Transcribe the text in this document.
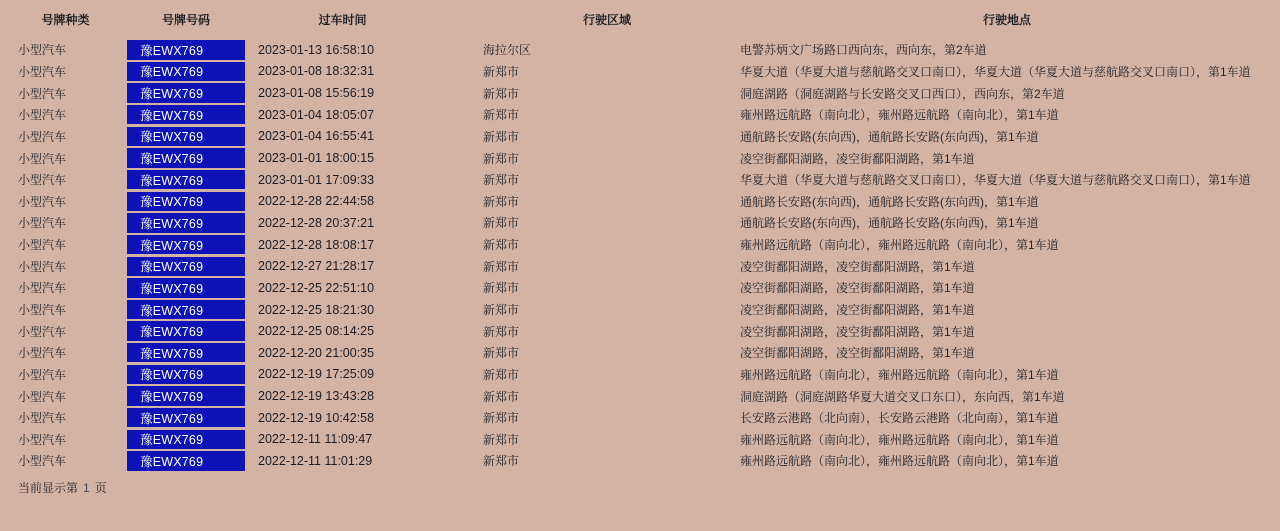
号牌种类	号牌号码	过车时间	行驶区域	行驶地点
小型汽车	豫EWX769	2023-01-13 16:58:10	海拉尔区	电警苏炳文广场路口西向东，西向东，第2车道
小型汽车	豫EWX769	2023-01-08 18:32:31	新郑市	华夏大道（华夏大道与慈航路交叉口南口），华夏大道（华夏大道与慈航路交叉口南口），第1车道
小型汽车	豫EWX769	2023-01-08 15:56:19	新郑市	洞庭湖路（洞庭湖路与长安路交叉口西口），西向东，第2车道
小型汽车	豫EWX769	2023-01-04 18:05:07	新郑市	雍州路远航路（南向北），雍州路远航路（南向北），第1车道
小型汽车	豫EWX769	2023-01-04 16:55:41	新郑市	通航路长安路(东向西)，通航路长安路(东向西)，第1车道
小型汽车	豫EWX769	2023-01-01 18:00:15	新郑市	凌空街鄱阳湖路，凌空街鄱阳湖路，第1车道
小型汽车	豫EWX769	2023-01-01 17:09:33	新郑市	华夏大道（华夏大道与慈航路交叉口南口），华夏大道（华夏大道与慈航路交叉口南口），第1车道
小型汽车	豫EWX769	2022-12-28 22:44:58	新郑市	通航路长安路(东向西)，通航路长安路(东向西)，第1车道
小型汽车	豫EWX769	2022-12-28 20:37:21	新郑市	通航路长安路(东向西)，通航路长安路(东向西)，第1车道
小型汽车	豫EWX769	2022-12-28 18:08:17	新郑市	雍州路远航路（南向北），雍州路远航路（南向北），第1车道
小型汽车	豫EWX769	2022-12-27 21:28:17	新郑市	凌空街鄱阳湖路，凌空街鄱阳湖路，第1车道
小型汽车	豫EWX769	2022-12-25 22:51:10	新郑市	凌空街鄱阳湖路，凌空街鄱阳湖路，第1车道
小型汽车	豫EWX769	2022-12-25 18:21:30	新郑市	凌空街鄱阳湖路，凌空街鄱阳湖路，第1车道
小型汽车	豫EWX769	2022-12-25 08:14:25	新郑市	凌空街鄱阳湖路，凌空街鄱阳湖路，第1车道
小型汽车	豫EWX769	2022-12-20 21:00:35	新郑市	凌空街鄱阳湖路，凌空街鄱阳湖路，第1车道
小型汽车	豫EWX769	2022-12-19 17:25:09	新郑市	雍州路远航路（南向北），雍州路远航路（南向北），第1车道
小型汽车	豫EWX769	2022-12-19 13:43:28	新郑市	洞庭湖路（洞庭湖路华夏大道交叉口东口），东向西，第1车道
小型汽车	豫EWX769	2022-12-19 10:42:58	新郑市	长安路云港路（北向南），长安路云港路（北向南），第1车道
小型汽车	豫EWX769	2022-12-11 11:09:47	新郑市	雍州路远航路（南向北），雍州路远航路（南向北），第1车道
小型汽车	豫EWX769	2022-12-11 11:01:29	新郑市	雍州路远航路（南向北），雍州路远航路（南向北），第1车道
当前显示第 1 页
